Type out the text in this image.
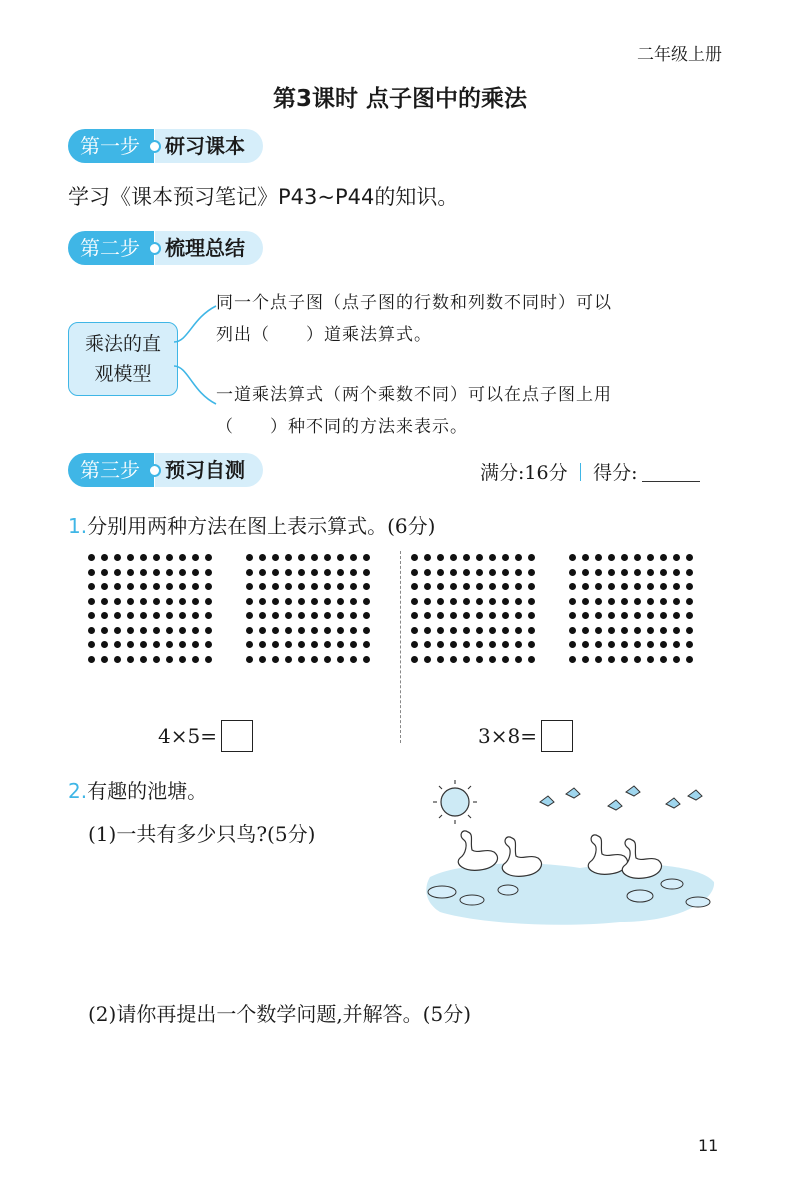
二年级上册
第3课时 点子图中的乘法
第一步	研习课本
学习《课本预习笔记》P43~P44的知识。
第二步	梳理总结
乘法的直
观模型
同一个点子图（点子图的行数和列数不同时）可以
列出（　　）道乘法算式。
一道乘法算式（两个乘数不同）可以在点子图上用
（　　）种不同的方法来表示。
第三步	预习自测	满分:16分 得分:
1.分别用两种方法在图上表示算式。(6分)
4×5=	3×8=
2.有趣的池塘。
(1)一共有多少只鸟?(5分)
(2)请你再提出一个数学问题,并解答。(5分)
11
